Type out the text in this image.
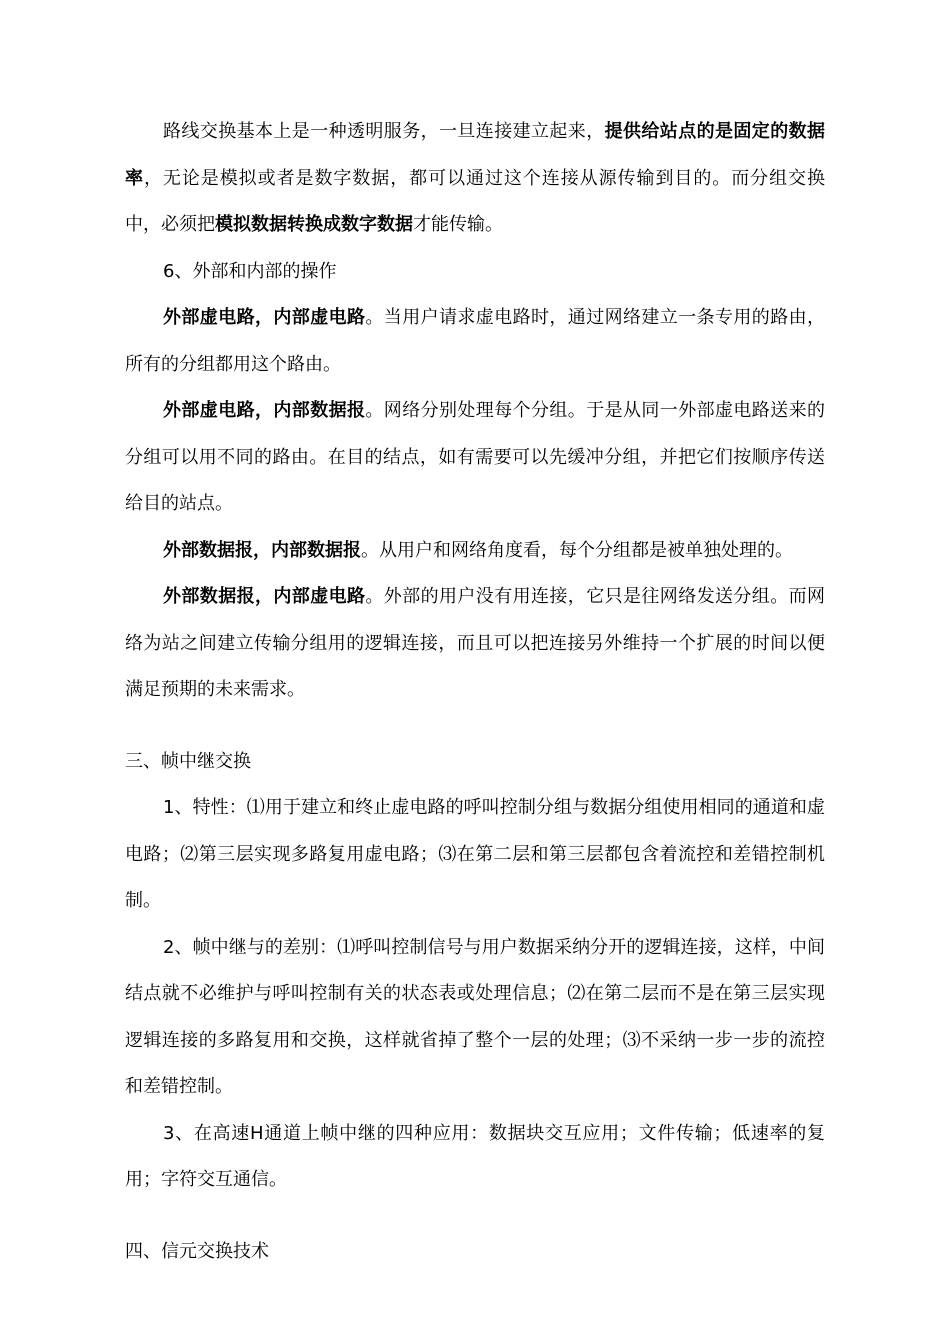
路线交换基本上是一种透明服务，一旦连接建立起来，提供给站点的是固定的数据率，无论是模拟或者是数字数据，都可以通过这个连接从源传输到目的。而分组交换中，必须把模拟数据转换成数字数据才能传输。

6、外部和内部的操作

外部虚电路，内部虚电路。当用户请求虚电路时，通过网络建立一条专用的路由，所有的分组都用这个路由。

外部虚电路，内部数据报。网络分别处理每个分组。于是从同一外部虚电路送来的分组可以用不同的路由。在目的结点，如有需要可以先缓冲分组，并把它们按顺序传送给目的站点。

外部数据报，内部数据报。从用户和网络角度看，每个分组都是被单独处理的。

外部数据报，内部虚电路。外部的用户没有用连接，它只是往网络发送分组。而网络为站之间建立传输分组用的逻辑连接，而且可以把连接另外维持一个扩展的时间以便满足预期的未来需求。

三、帧中继交换

1、特性：⑴用于建立和终止虚电路的呼叫控制分组与数据分组使用相同的通道和虚电路；⑵第三层实现多路复用虚电路；⑶在第二层和第三层都包含着流控和差错控制机制。

2、帧中继与的差别：⑴呼叫控制信号与用户数据采纳分开的逻辑连接，这样，中间结点就不必维护与呼叫控制有关的状态表或处理信息；⑵在第二层而不是在第三层实现逻辑连接的多路复用和交换，这样就省掉了整个一层的处理；⑶不采纳一步一步的流控和差错控制。

3、在高速H通道上帧中继的四种应用：数据块交互应用；文件传输；低速率的复用；字符交互通信。

四、信元交换技术
